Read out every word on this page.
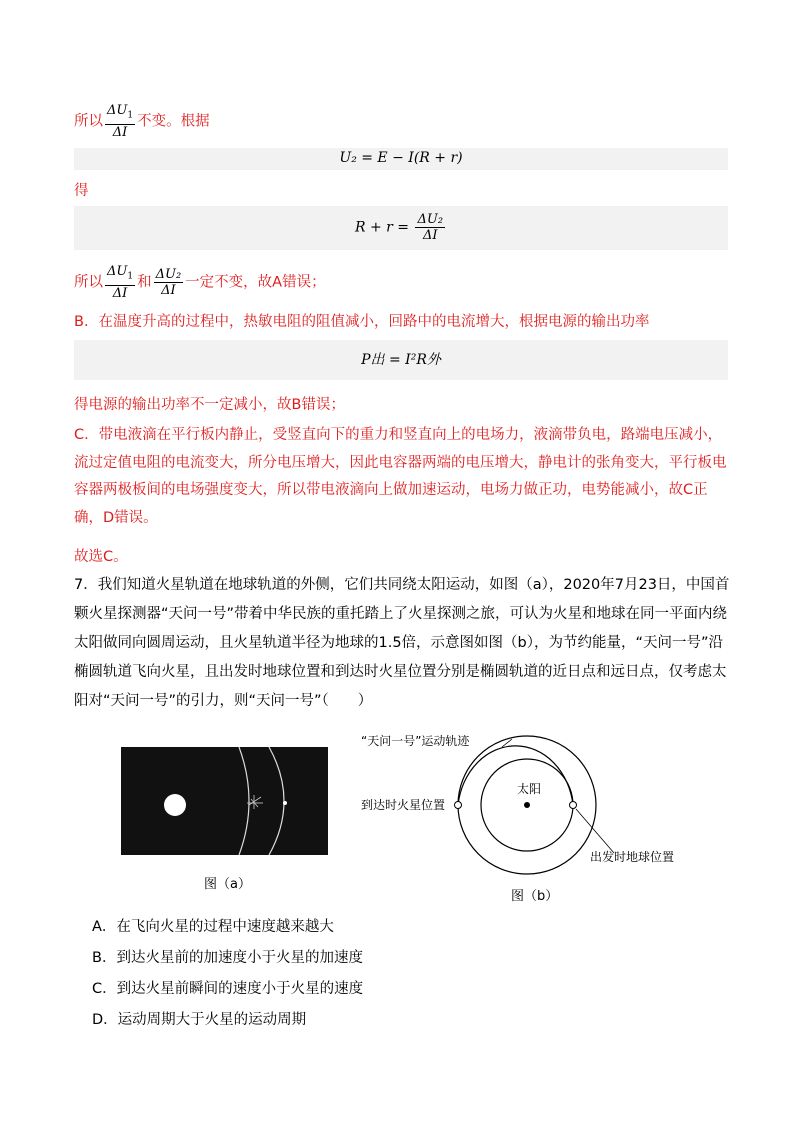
所以 $\frac{\Delta U_1}{\Delta I}$ 不变。根据
U₂ = E − I(R + r)
得
$R + r = \frac{\text{ΔU₂}}{\Delta I}$
所以 $\frac{\Delta U_1}{\Delta I}$ 和 $\frac{\text{ΔU₂}}{\Delta I}$ 一定不变，故A错误；
B．在温度升高的过程中，热敏电阻的阻值减小，回路中的电流增大，根据电源的输出功率
P出 = I²R外
得电源的输出功率不一定减小，故B错误；
C．带电液滴在平行板内静止，受竖直向下的重力和竖直向上的电场力，液滴带负电，路端电压减小，流过定值电阻的电流变大，所分电压增大，因此电容器两端的电压增大，静电计的张角变大，平行板电容器两极板间的电场强度变大，所以带电液滴向上做加速运动，电场力做正功，电势能减小，故C正确，D错误。
故选C。
7．我们知道火星轨道在地球轨道的外侧，它们共同绕太阳运动，如图（a），2020年7月23日，中国首颗火星探测器“天问一号”带着中华民族的重托踏上了火星探测之旅，可认为火星和地球在同一平面内绕太阳做同向圆周运动，且火星轨道半径为地球的1.5倍，示意图如图（b），为节约能量，“天问一号”沿椭圆轨道飞向火星，且出发时地球位置和到达时火星位置分别是椭圆轨道的近日点和远日点，仅考虑太阳对“天问一号”的引力，则“天问一号”（　　）
图（a）
“天问一号”运动轨迹
太阳
到达时火星位置
出发时地球位置
图（b）
A．在飞向火星的过程中速度越来越大
B．到达火星前的加速度小于火星的加速度
C．到达火星前瞬间的速度小于火星的速度
D．运动周期大于火星的运动周期
